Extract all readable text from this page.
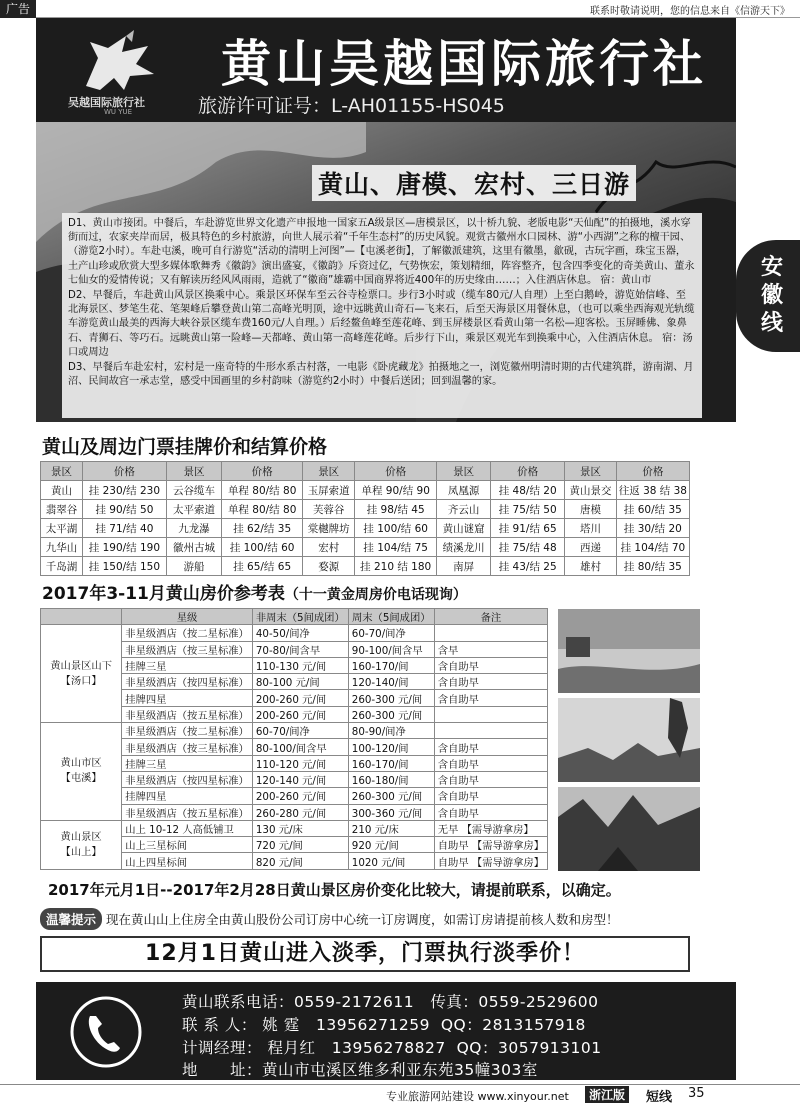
广告	联系时敬请说明，您的信息来自《信游天下》
吴越国际旅行社
WU YUE
黄山吴越国际旅行社
旅游许可证号：L-AH01155-HS045
黄山、唐模、宏村、三日游

D1、黄山市接团。中餐后，车赴游览世界文化遗产申报地一国家五A级景区—唐模景区，以十桥九貌、老版电影“天仙配”的拍摄地，溪水穿街而过，农家夹岸而居，极具特色的乡村旅游，向世人展示着“千年生态村”的历史风貌。观赏古徽州水口园林、游“小西湖”之称的檀干园、（游览2小时）。车赴屯溪，晚可自行游览“活动的清明上河图”—【屯溪老街】，了解徽派建筑，这里有徽墨，歙砚，古玩字画，珠宝玉器，土产山珍或欣赏大型多媒体歌舞秀《徽韵》演出盛宴，《徽韵》斥资过亿，气势恢宏，策划精细，阵容整齐，包含四季变化的奇美黄山、董永七仙女的爱情传说；又有解读历经风风雨雨，造就了“徽商”雄霸中国商界将近400年的历史缘由……；入住酒店休息。 宿：黄山市

D2、早餐后，车赴黄山风景区换乘中心。乘景区环保车至云谷寺检票口。步行3小时或（缆车80元/人自理）上至白鹅岭，游览始信峰、至北海景区、梦笔生花、笔架峰后攀登黄山第二高峰光明顶，途中远眺黄山奇石—飞来石，后至天海景区用餐休息，（也可以乘坐西海观光轨缆车游览黄山最美的西海大峡谷景区缆车费160元/人自理。）后经鳌鱼峰至莲花峰、到玉屏楼景区看黄山第一名松—迎客松。玉屏睡佛、象鼻石、青狮石、等巧石。远眺黄山第一险峰—天都峰、黄山第一高峰莲花峰。后步行下山，乘景区观光车到换乘中心，入住酒店休息。 宿：汤口或周边

D3、早餐后车赴宏村，宏村是一座奇特的牛形水系古村落，一电影《卧虎藏龙》拍摄地之一，浏览徽州明清时期的古代建筑群，游南湖、月沼、民间故宫一承志堂，感受中国画里的乡村韵味（游览约2小时）中餐后送团；回到温馨的家。

安徽线
黄山及周边门票挂牌价和结算价格
景区	价格	景区	价格	景区	价格	景区	价格	景区	价格
黄山	挂 230/结 230	云谷缆车	单程 80/结 80	玉屏索道	单程 90/结 90	凤凰源	挂 48/结 20	黄山景交	往返 38 结 38
翡翠谷	挂 90/结 50	太平索道	单程 80/结 80	芙蓉谷	挂 98/结 45	齐云山	挂 75/结 50	唐模	挂 60/结 35
太平湖	挂 71/结 40	九龙瀑	挂 62/结 35	棠樾牌坊	挂 100/结 60	黄山谜窟	挂 91/结 65	塔川	挂 30/结 20
九华山	挂 190/结 190	徽州古城	挂 100/结 60	宏村	挂 104/结 75	绩溪龙川	挂 75/结 48	西递	挂 104/结 70
千岛湖	挂 150/结 150	游船	挂 65/结 65	婺源	挂 210 结 180	南屏	挂 43/结 25	雄村	挂 80/结 35
2017年3-11月黄山房价参考表（十一黄金周房价电话现询）
	星级	非周末（5间成团）	周末（5间成团）	备注
黄山景区山下
【汤口】	非星级酒店（按二星标准）	40-50/间净	60-70/间净	
	非星级酒店（按三星标准）	70-80/间含早	90-100/间含早	含早
	挂牌三星	110-130 元/间	160-170/间	含自助早
	非星级酒店（按四星标准）	80-100 元/间	120-140/间	含自助早
	挂牌四星	200-260 元/间	260-300 元/间	含自助早
	非星级酒店（按五星标准）	200-260 元/间	260-300 元/间	
黄山市区
【屯溪】	非星级酒店（按二星标准）	60-70/间净	80-90/间净	
	非星级酒店（按三星标准）	80-100/间含早	100-120/间	含自助早
	挂牌三星	110-120 元/间	160-170/间	含自助早
	非星级酒店（按四星标准）	120-140 元/间	160-180/间	含自助早
	挂牌四星	200-260 元/间	260-300 元/间	含自助早
	非星级酒店（按五星标准）	260-280 元/间	300-360 元/间	含自助早
黄山景区
【山上】	山上 10-12 人高低铺卫	130 元/床	210 元/床	无早 【需导游拿房】
	山上三星标间	720 元/间	920 元/间	自助早 【需导游拿房】
	山上四星标间	820 元/间	1020 元/间	自助早 【需导游拿房】
2017年元月1日--2017年2月28日黄山景区房价变化比较大，请提前联系，以确定。
温馨提示 现在黄山山上住房全由黄山股份公司订房中心统一订房调度，如需订房请提前核人数和房型！
12月1日黄山进入淡季，门票执行淡季价！
黄山联系电话：0559-2172611 传真：0559-2529600
联 系 人： 姚 霆 13956271259 QQ：2813157918
计调经理： 程月红 13956278827 QQ：3057913101
地　　址：黄山市屯溪区维多利亚东苑35幢303室
专业旅游网站建设 www.xinyour.net	浙江版	短线 35
